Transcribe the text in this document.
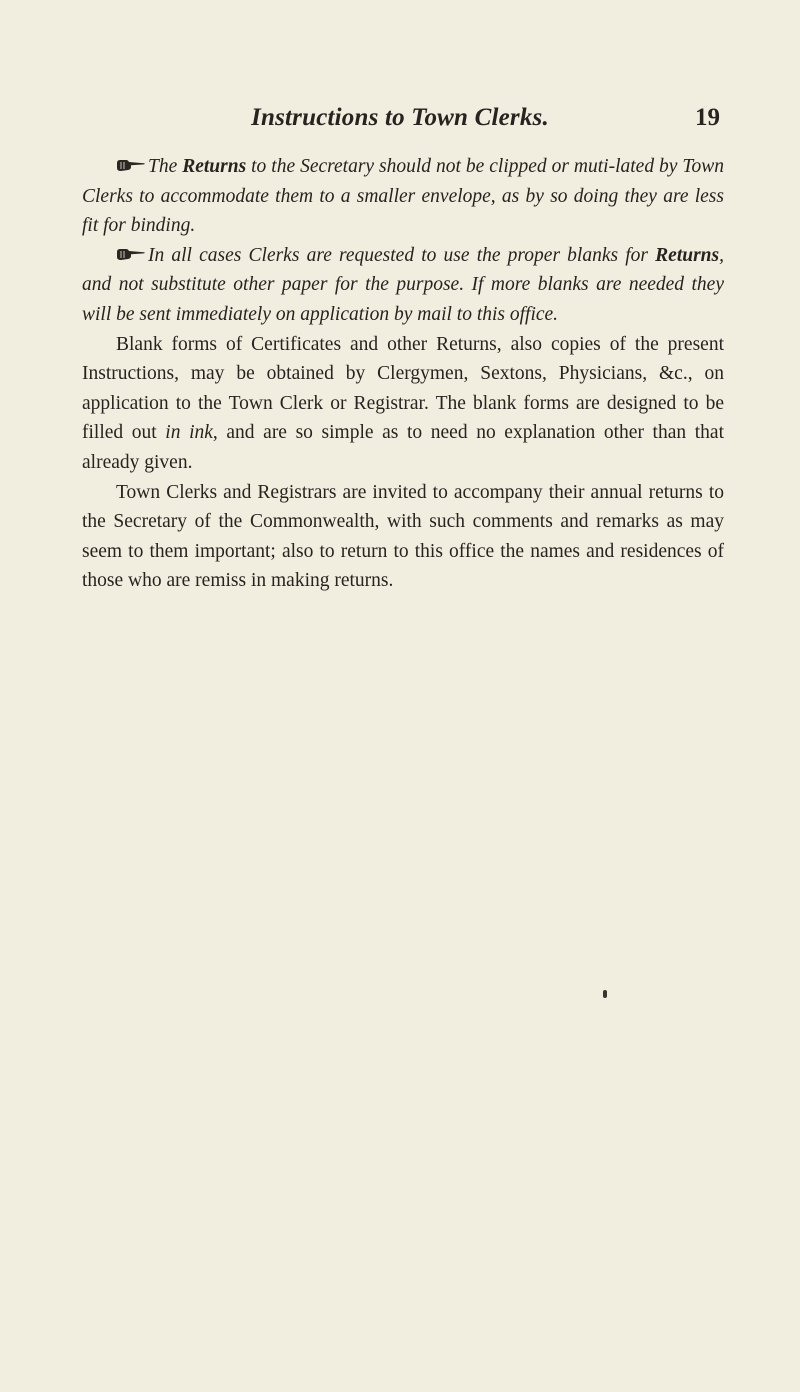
Instructions to Town Clerks.	19

The Returns to the Secretary should not be clipped or muti-lated by Town Clerks to accommodate them to a smaller envelope, as by so doing they are less fit for binding.

In all cases Clerks are requested to use the proper blanks for Returns, and not substitute other paper for the purpose. If more blanks are needed they will be sent immediately on application by mail to this office.

Blank forms of Certificates and other Returns, also copies of the present Instructions, may be obtained by Clergymen, Sextons, Physicians, &c., on application to the Town Clerk or Registrar. The blank forms are designed to be filled out in ink, and are so simple as to need no explanation other than that already given.

Town Clerks and Registrars are invited to accompany their annual returns to the Secretary of the Commonwealth, with such comments and remarks as may seem to them important; also to return to this office the names and residences of those who are remiss in making returns.
